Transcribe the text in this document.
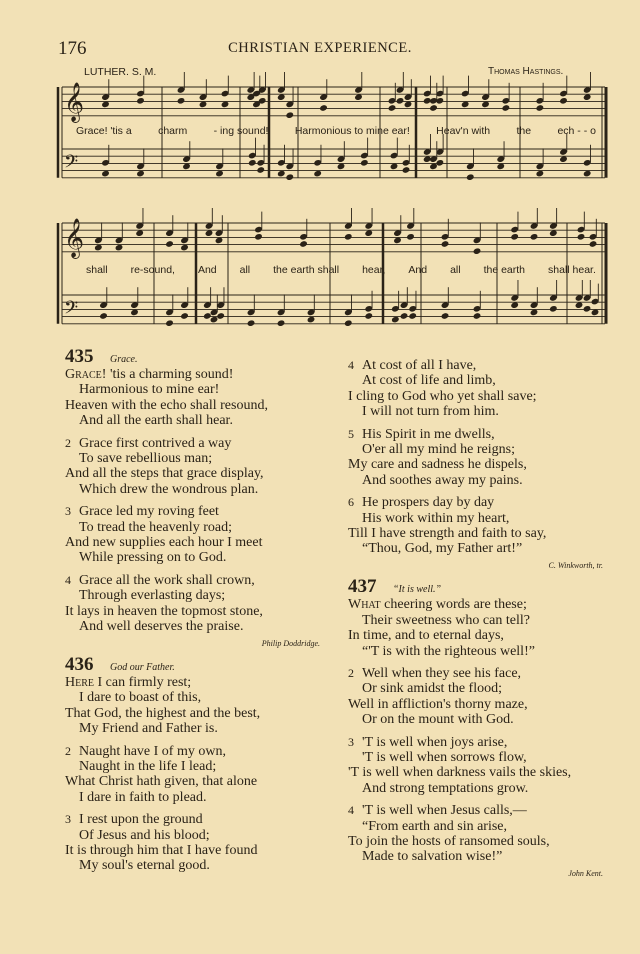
176	CHRISTIAN EXPERIENCE.
LUTHER. S. M.	Thomas Hastings.
𝄞
𝄢
𝄞
𝄢
Grace! 'tis a	charm	- ing sound!	Harmonious to mine ear!	Heav'n with	the	ech - - o
shall re-sound, And all the earth shall hear, And all the earth shall hear.
435	Grace.
Grace! 'tis a charming sound!
Harmonious to mine ear!
Heaven with the echo shall resound,
And all the earth shall hear.
2 Grace first contrived a way
To save rebellious man;
And all the steps that grace display,
Which drew the wondrous plan.
3 Grace led my roving feet
To tread the heavenly road;
And new supplies each hour I meet
While pressing on to God.
4 Grace all the work shall crown,
Through everlasting days;
It lays in heaven the topmost stone,
And well deserves the praise.
Philip Doddridge.
436	God our Father.
Here I can firmly rest;
I dare to boast of this,
That God, the highest and the best,
My Friend and Father is.
2 Naught have I of my own,
Naught in the life I lead;
What Christ hath given, that alone
I dare in faith to plead.
3 I rest upon the ground
Of Jesus and his blood;
It is through him that I have found
My soul's eternal good.
4 At cost of all I have,
At cost of life and limb,
I cling to God who yet shall save;
I will not turn from him.
5 His Spirit in me dwells,
O'er all my mind he reigns;
My care and sadness he dispels,
And soothes away my pains.
6 He prospers day by day
His work within my heart,
Till I have strength and faith to say,
“Thou, God, my Father art!”
C. Winkworth, tr.
437	“It is well.”
What cheering words are these;
Their sweetness who can tell?
In time, and to eternal days,
“'T is with the righteous well!”
2 Well when they see his face,
Or sink amidst the flood;
Well in affliction's thorny maze,
Or on the mount with God.
3 'T is well when joys arise,
'T is well when sorrows flow,
'T is well when darkness vails the skies,
And strong temptations grow.
4 'T is well when Jesus calls,—
“From earth and sin arise,
To join the hosts of ransomed souls,
Made to salvation wise!”
John Kent.
